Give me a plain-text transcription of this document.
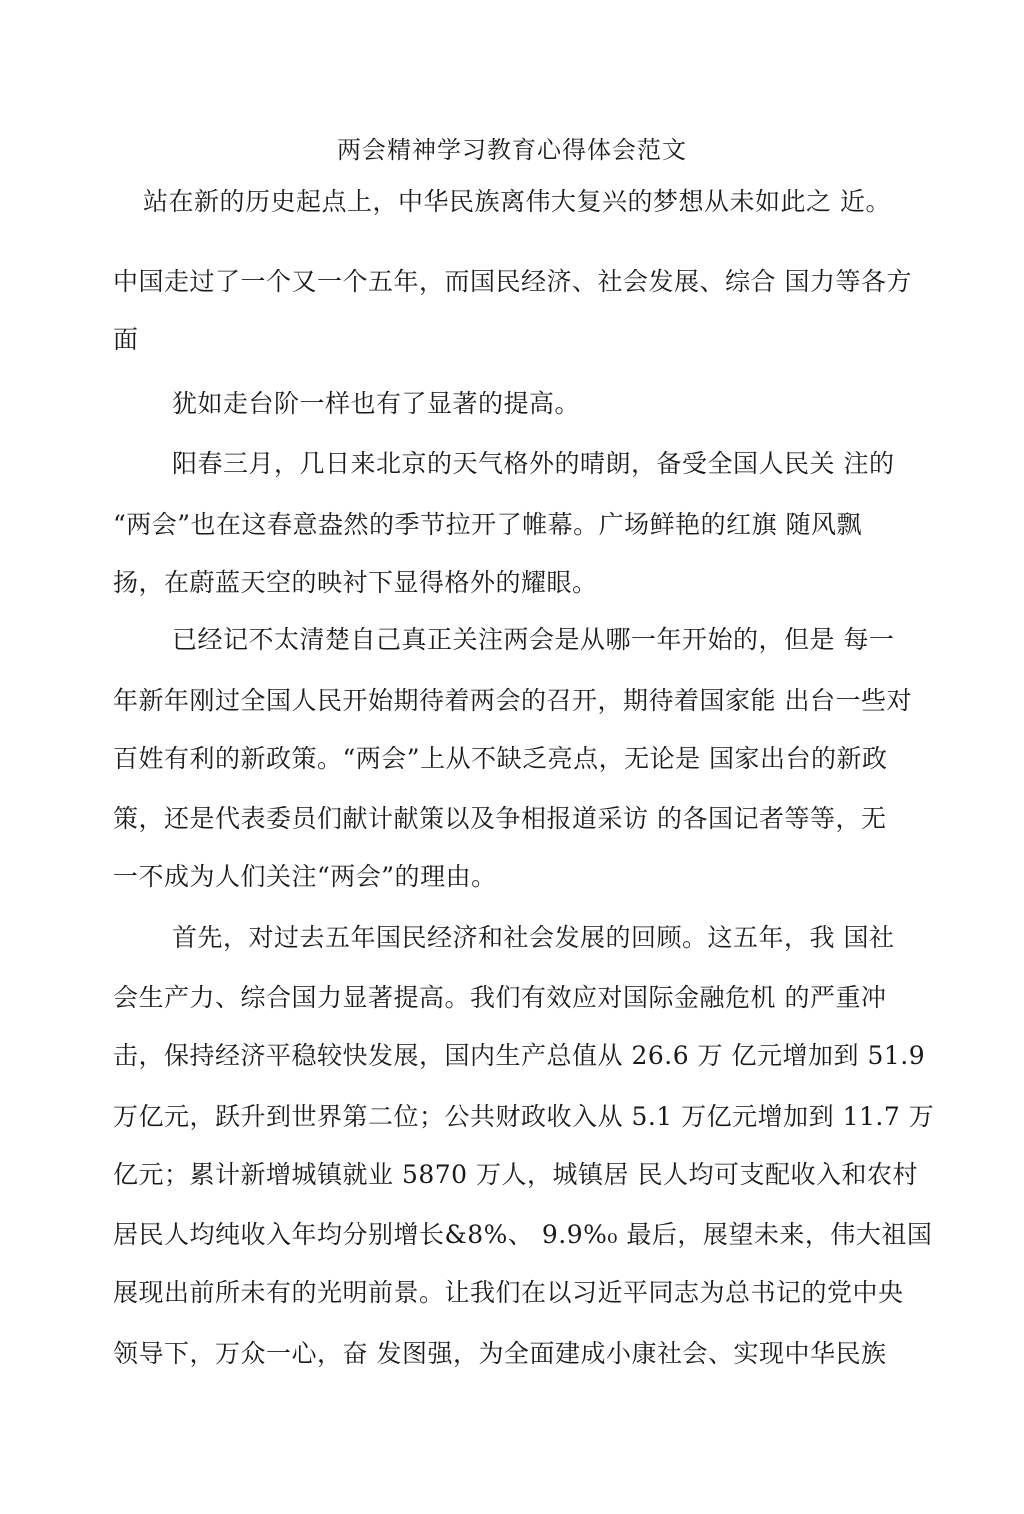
两会精神学习教育心得体会范文
站在新的历史起点上，中华民族离伟大复兴的梦想从未如此之 近。
中国走过了一个又一个五年，而国民经济、社会发展、综合 国力等各方
面
犹如走台阶一样也有了显著的提高。
阳春三月，几日来北京的天气格外的晴朗，备受全国人民关 注的
“两会”也在这春意盎然的季节拉开了帷幕。广场鲜艳的红旗 随风飘
扬，在蔚蓝天空的映衬下显得格外的耀眼。
已经记不太清楚自己真正关注两会是从哪一年开始的，但是 每一
年新年刚过全国人民开始期待着两会的召开，期待着国家能 出台一些对
百姓有利的新政策。“两会”上从不缺乏亮点，无论是 国家出台的新政
策，还是代表委员们献计献策以及争相报道采访 的各国记者等等，无
一不成为人们关注“两会”的理由。
首先，对过去五年国民经济和社会发展的回顾。这五年，我 国社
会生产力、综合国力显著提高。我们有效应对国际金融危机 的严重冲
击，保持经济平稳较快发展，国内生产总值从 26.6 万 亿元增加到 51.9
万亿元，跃升到世界第二位；公共财政收入从 5.1 万亿元增加到 11.7 万
亿元；累计新增城镇就业 5870 万人，城镇居 民人均可支配收入和农村
居民人均纯收入年均分别增长&8%、 9.9%₀ 最后，展望未来，伟大祖国
展现出前所未有的光明前景。让我们在以习近平同志为总书记的党中央
领导下，万众一心，奋 发图强，为全面建成小康社会、实现中华民族
